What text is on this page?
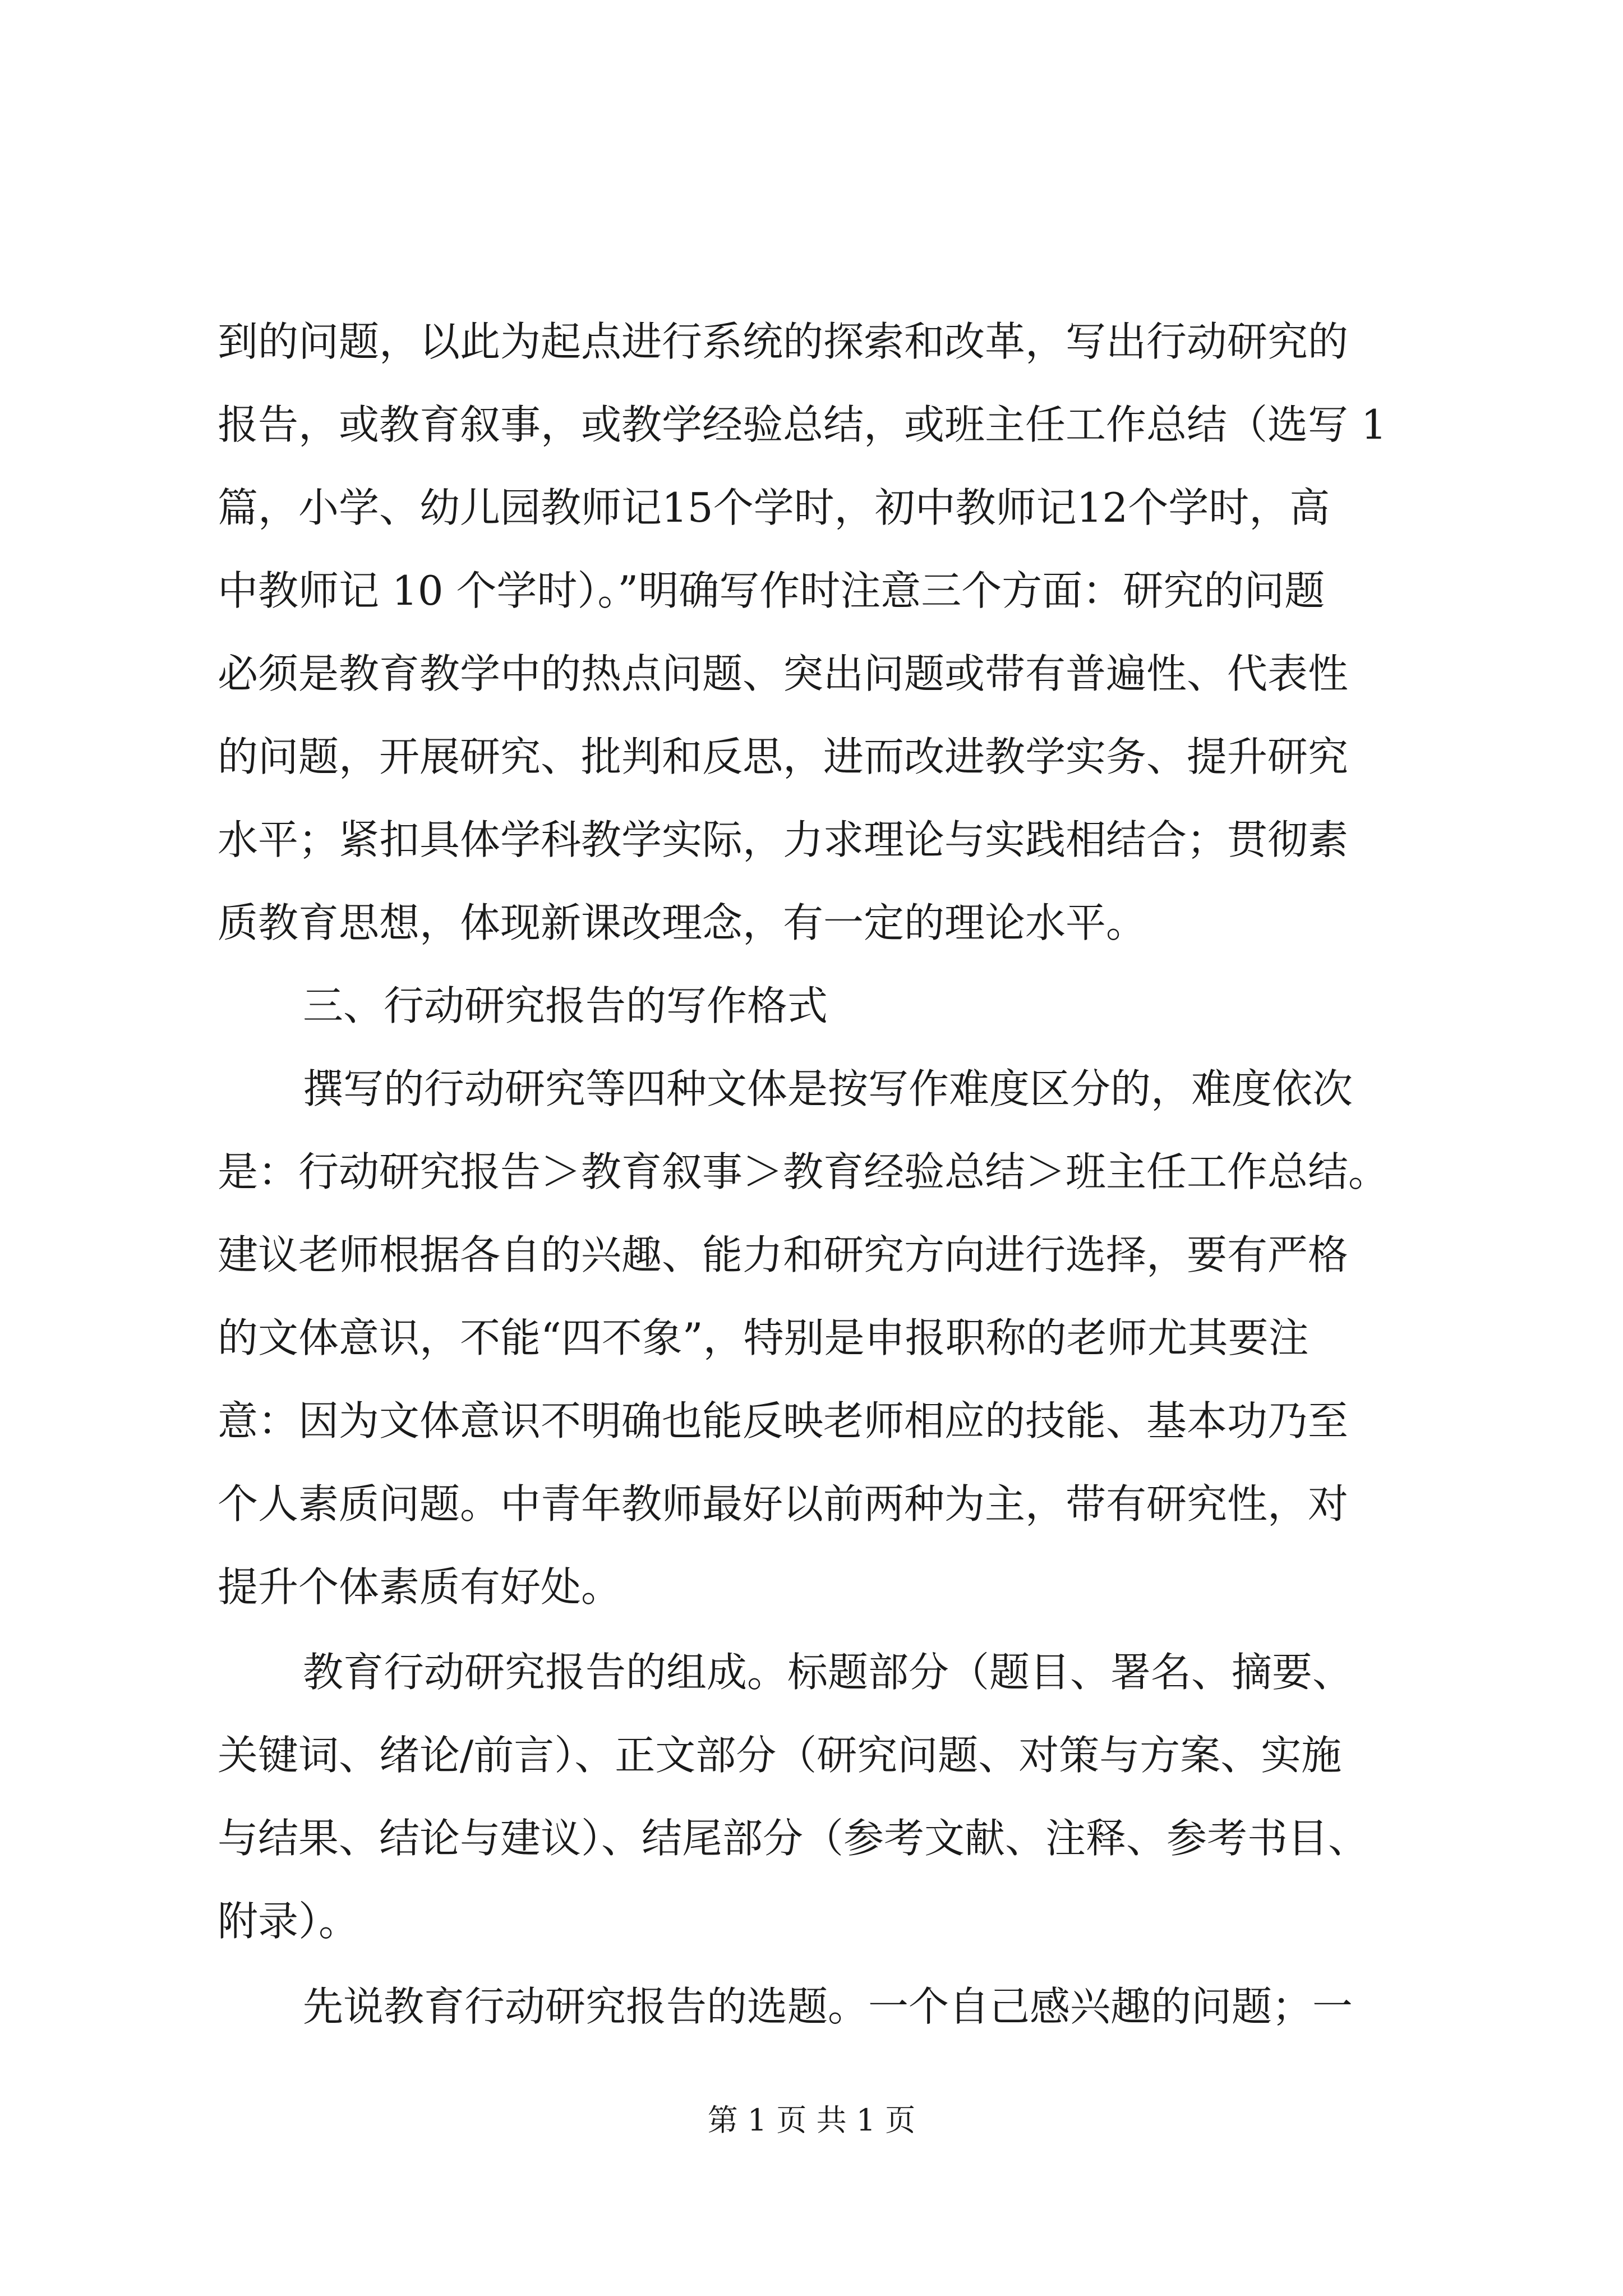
到的问题，以此为起点进行系统的探索和改革，写出行动研究的
报告，或教育叙事，或教学经验总结，或班主任工作总结（选写 1
篇，小学、幼儿园教师记15个学时，初中教师记12个学时，高
中教师记 10 个学时）。”明确写作时注意三个方面：研究的问题
必须是教育教学中的热点问题、突出问题或带有普遍性、代表性
的问题，开展研究、批判和反思，进而改进教学实务、提升研究
水平；紧扣具体学科教学实际，力求理论与实践相结合；贯彻素
质教育思想，体现新课改理念，有一定的理论水平。
三、行动研究报告的写作格式
撰写的行动研究等四种文体是按写作难度区分的，难度依次
是：行动研究报告＞教育叙事＞教育经验总结＞班主任工作总结。
建议老师根据各自的兴趣、能力和研究方向进行选择，要有严格
的文体意识，不能“四不象”，特别是申报职称的老师尤其要注
意：因为文体意识不明确也能反映老师相应的技能、基本功乃至
个人素质问题。中青年教师最好以前两种为主，带有研究性，对
提升个体素质有好处。
教育行动研究报告的组成。标题部分（题目、署名、摘要、
关键词、绪论/前言）、正文部分（研究问题、对策与方案、实施
与结果、结论与建议）、结尾部分（参考文献、注释、参考书目、
附录）。
先说教育行动研究报告的选题。一个自己感兴趣的问题；一
第 1 页 共 1 页
